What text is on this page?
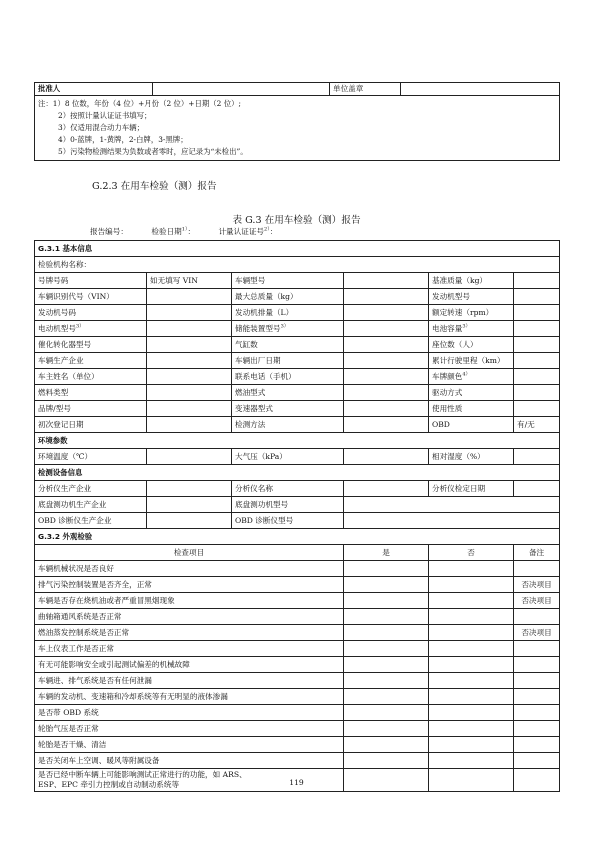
批准人		单位盖章	

注：1）8 位数，年份（4 位）+月份（2 位）+日期（2 位）;
2）按照计量认证证书填写；
3）仅适用混合动力车辆；
4）0-蓝牌，1-黄牌，2-白牌，3-黑牌；
5）污染物检测结果为负数或者零时，应记录为“未检出”。
G.2.3 在用车检验（测）报告
表 G.3 在用车检验（测）报告
报告编号：	检验日期$^{1)}$：	计量认证证号$^{2)}$：
G.3.1 基本信息					
检验机构名称：					
号牌号码	如无填写 VIN	车辆型号		基准质量（kg）	
车辆识别代号（VIN）		最大总质量（kg）		发动机型号	
发动机号码		发动机排量（L）		额定转速（rpm）	
电动机型号$^{3)}$		储能装置型号$^{3)}$		电池容量$^{3)}$	
催化转化器型号		气缸数		座位数（人）	
车辆生产企业		车辆出厂日期		累计行驶里程（km）	
车主姓名（单位）		联系电话（手机）		车牌颜色$^{4)}$	
燃料类型		燃油型式		驱动方式	
品牌/型号		变速器型式		使用性质	
初次登记日期		检测方法		OBD	有/无
环境参数					
环境温度（℃）		大气压（kPa）		相对湿度（%）	
检测设备信息					
分析仪生产企业		分析仪名称		分析仪检定日期	
底盘测功机生产企业		底盘测功机型号			
OBD 诊断仪生产企业		OBD 诊断仪型号			
G.3.2 外观检验					
检查项目			是	否	备注
车辆机械状况是否良好					
排气污染控制装置是否齐全，正常					否决项目
车辆是否存在烧机油或者严重冒黑烟现象					否决项目
曲轴箱通风系统是否正常					
燃油蒸发控制系统是否正常					否决项目
车上仪表工作是否正常					
有无可能影响安全或引起测试偏差的机械故障					
车辆进、排气系统是否有任何泄漏					
车辆的发动机、变速箱和冷却系统等有无明显的液体渗漏					
是否带 OBD 系统					
轮胎气压是否正常					
轮胎是否干燥、清洁					
是否关闭车上空调、暖风等附属设备					

是否已经中断车辆上可能影响测试正常进行的功能，如 ARS、
ESP、EPC 牵引力控制或自动制动系统等					
				119
